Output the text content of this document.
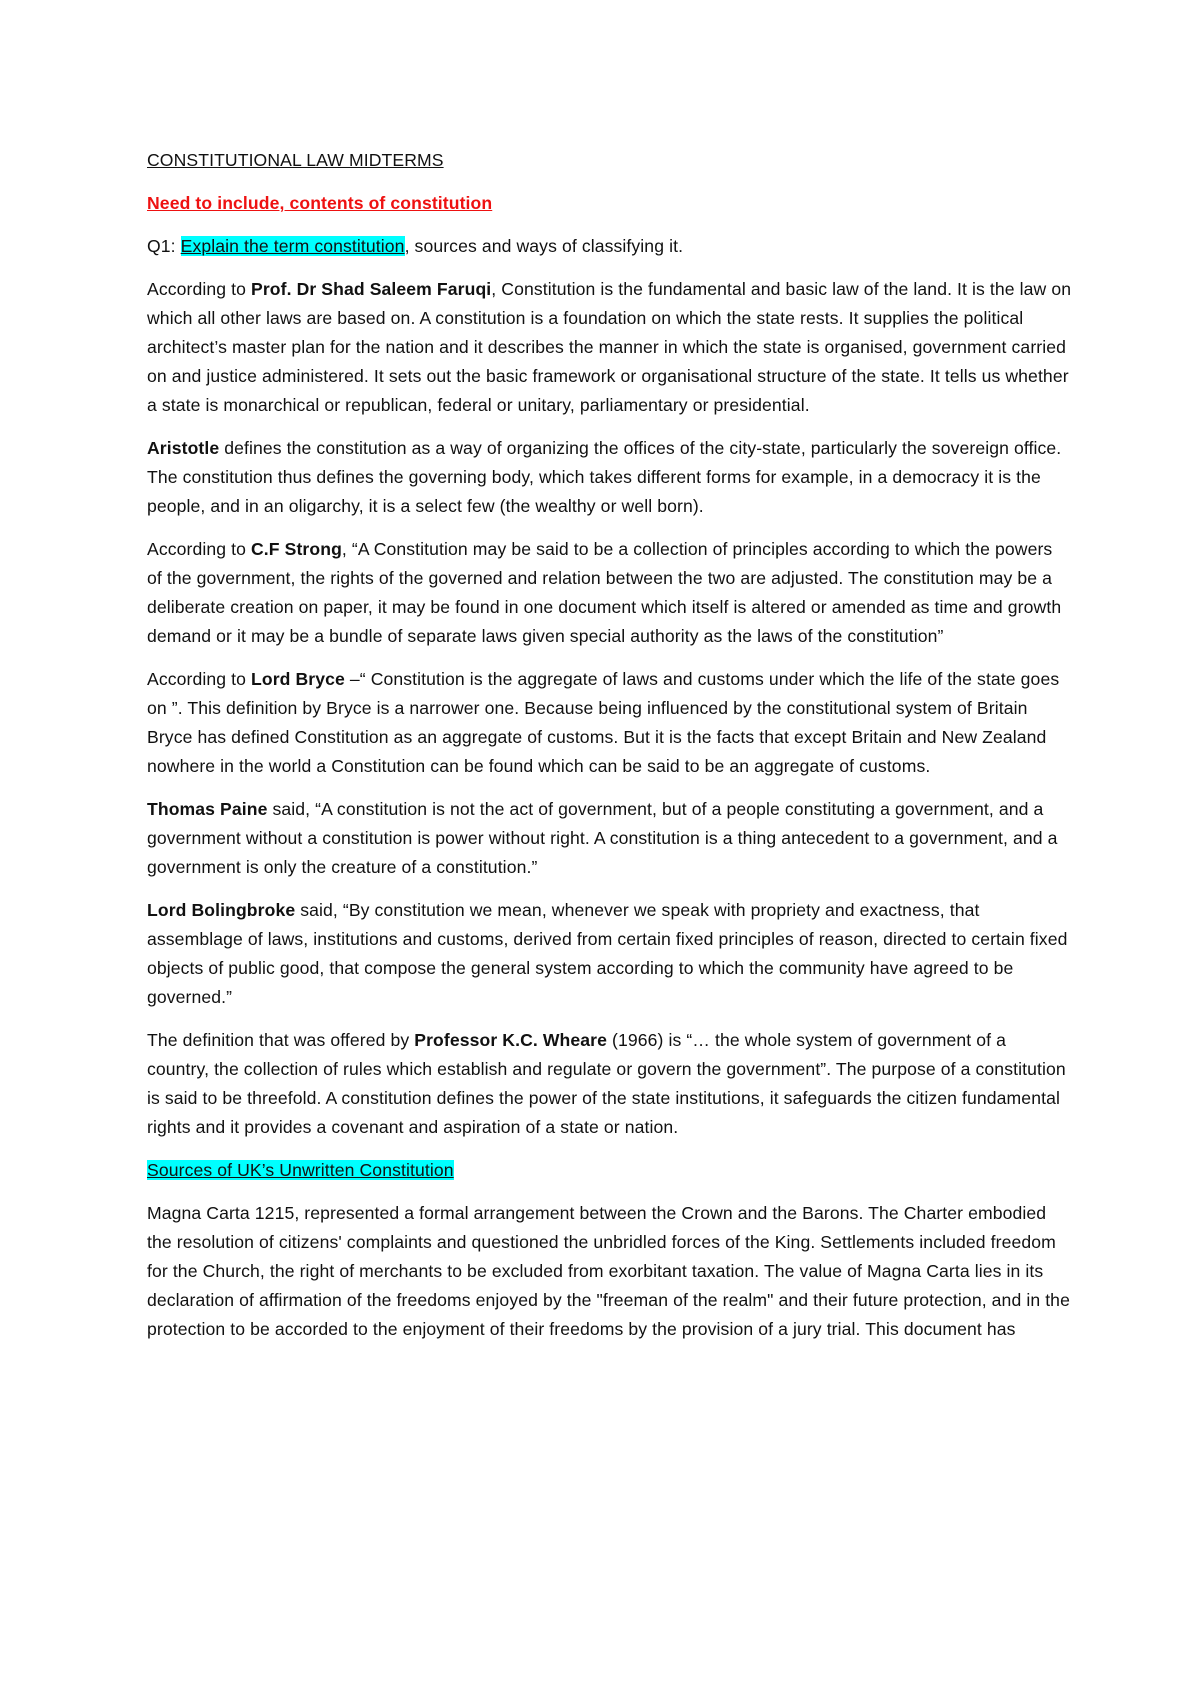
CONSTITUTIONAL LAW MIDTERMS
Need to include, contents of constitution
Q1: Explain the term constitution, sources and ways of classifying it.
According to Prof. Dr Shad Saleem Faruqi, Constitution is the fundamental and basic law of the land. It is the law on which all other laws are based on. A constitution is a foundation on which the state rests. It supplies the political architect’s master plan for the nation and it describes the manner in which the state is organised, government carried on and justice administered. It sets out the basic framework or organisational structure of the state. It tells us whether a state is monarchical or republican, federal or unitary, parliamentary or presidential.
Aristotle defines the constitution as a way of organizing the offices of the city-state, particularly the sovereign office. The constitution thus defines the governing body, which takes different forms for example, in a democracy it is the people, and in an oligarchy, it is a select few (the wealthy or well born).
According to C.F Strong, “A Constitution may be said to be a collection of principles according to which the powers of the government, the rights of the governed and relation between the two are adjusted. The constitution may be a deliberate creation on paper, it may be found in one document which itself is altered or amended as time and growth demand or it may be a bundle of separate laws given special authority as the laws of the constitution”
According to Lord Bryce –“ Constitution is the aggregate of laws and customs under which the life of the state goes on ”. This definition by Bryce is a narrower one. Because being influenced by the constitutional system of Britain Bryce has defined Constitution as an aggregate of customs. But it is the facts that except Britain and New Zealand nowhere in the world a Constitution can be found which can be said to be an aggregate of customs.
Thomas Paine said, “A constitution is not the act of government, but of a people constituting a government, and a government without a constitution is power without right. A constitution is a thing antecedent to a government, and a government is only the creature of a constitution.”
Lord Bolingbroke said, “By constitution we mean, whenever we speak with propriety and exactness, that assemblage of laws, institutions and customs, derived from certain fixed principles of reason, directed to certain fixed objects of public good, that compose the general system according to which the community have agreed to be governed.”
The definition that was offered by Professor K.C. Wheare (1966) is “… the whole system of government of a country, the collection of rules which establish and regulate or govern the government”. The purpose of a constitution is said to be threefold. A constitution defines the power of the state institutions, it safeguards the citizen fundamental rights and it provides a covenant and aspiration of a state or nation.
Sources of UK’s Unwritten Constitution
Magna Carta 1215, represented a formal arrangement between the Crown and the Barons. The Charter embodied the resolution of citizens' complaints and questioned the unbridled forces of the King. Settlements included freedom for the Church, the right of merchants to be excluded from exorbitant taxation. The value of Magna Carta lies in its declaration of affirmation of the freedoms enjoyed by the "freeman of the realm" and their future protection, and in the protection to be accorded to the enjoyment of their freedoms by the provision of a jury trial. This document has
